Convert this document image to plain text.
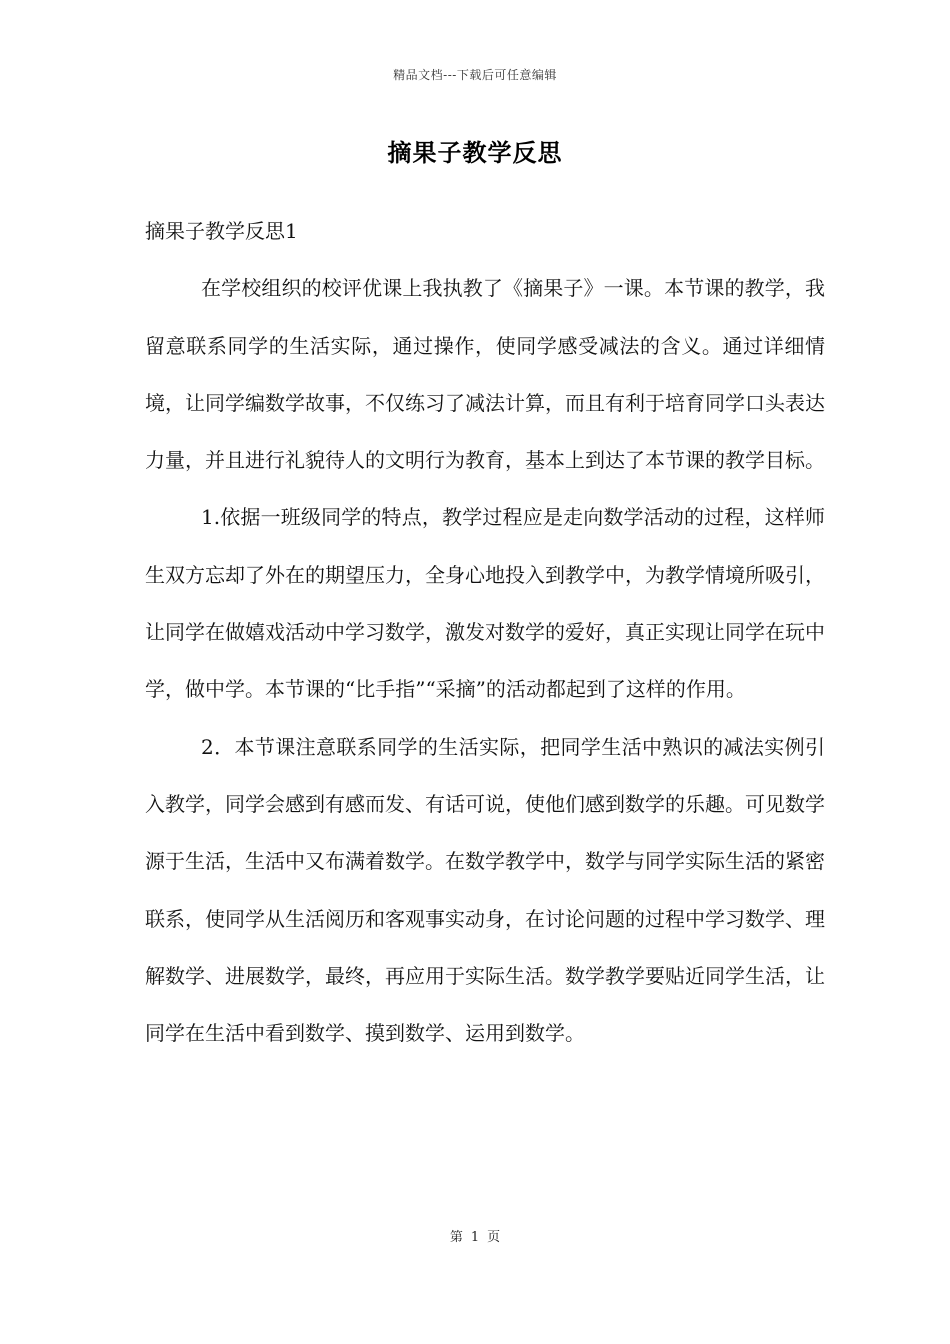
精品文档---下载后可任意编辑
摘果子教学反思

摘果子教学反思1

在学校组织的校评优课上我执教了《摘果子》一课。本节课的教学，我留意联系同学的生活实际，通过操作，使同学感受减法的含义。通过详细情境，让同学编数学故事，不仅练习了减法计算，而且有利于培育同学口头表达力量，并且进行礼貌待人的文明行为教育，基本上到达了本节课的教学目标。

1.依据一班级同学的特点，教学过程应是走向数学活动的过程，这样师生双方忘却了外在的期望压力，全身心地投入到教学中，为教学情境所吸引，让同学在做嬉戏活动中学习数学，激发对数学的爱好，真正实现让同学在玩中学，做中学。本节课的“比手指”“采摘”的活动都起到了这样的作用。

2．本节课注意联系同学的生活实际，把同学生活中熟识的减法实例引入教学，同学会感到有感而发、有话可说，使他们感到数学的乐趣。可见数学源于生活，生活中又布满着数学。在数学教学中，数学与同学实际生活的紧密联系，使同学从生活阅历和客观事实动身，在讨论问题的过程中学习数学、理解数学、进展数学，最终，再应用于实际生活。数学教学要贴近同学生活，让同学在生活中看到数学、摸到数学、运用到数学。

第 1 页
